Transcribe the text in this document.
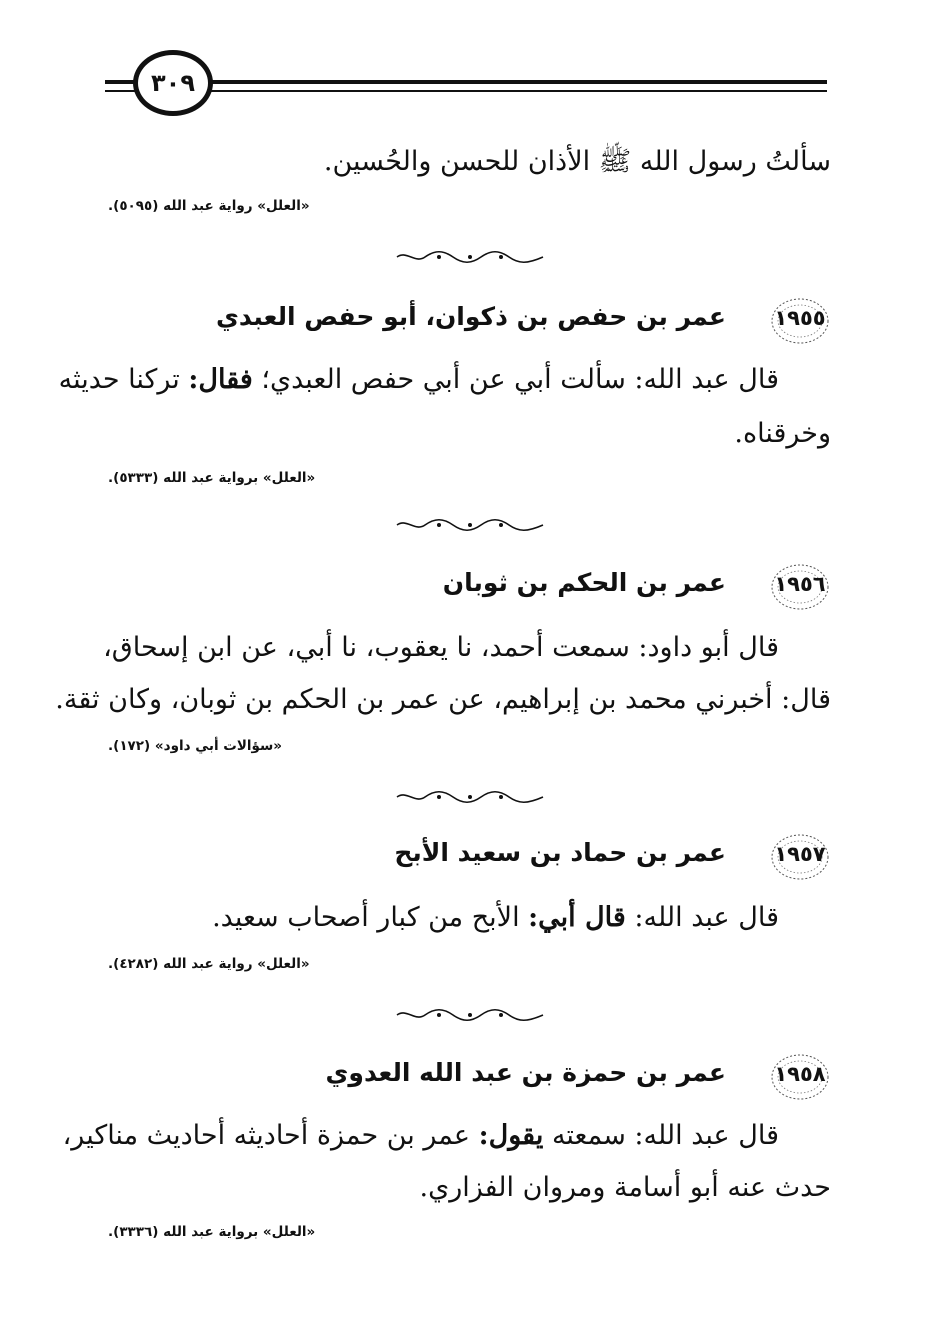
٣٠٩
سألتُ رسول الله ﷺ الأذان للحسن والحُسين.
«العلل» رواية عبد الله (٥٠٩٥).
١٩٥٥
عمر بن حفص بن ذكوان، أبو حفص العبدي
قال عبد الله: سألت أبي عن أبي حفص العبدي؛ فقال: تركنا حديثه
وخرقناه.
«العلل» برواية عبد الله (٥٣٣٣).
١٩٥٦
عمر بن الحكم بن ثوبان
قال أبو داود: سمعت أحمد، نا يعقوب، نا أبي، عن ابن إسحاق،
قال: أخبرني محمد بن إبراهيم، عن عمر بن الحكم بن ثوبان، وكان ثقة.
«سؤالات أبي داود» (١٧٢).
١٩٥٧
عمر بن حماد بن سعيد الأبح
قال عبد الله: قال أبي: الأبح من كبار أصحاب سعيد.
«العلل» رواية عبد الله (٤٢٨٢).
١٩٥٨
عمر بن حمزة بن عبد الله العدوي
قال عبد الله: سمعته يقول: عمر بن حمزة أحاديثه أحاديث مناكير،
حدث عنه أبو أسامة ومروان الفزاري.
«العلل» برواية عبد الله (٣٣٣٦).
